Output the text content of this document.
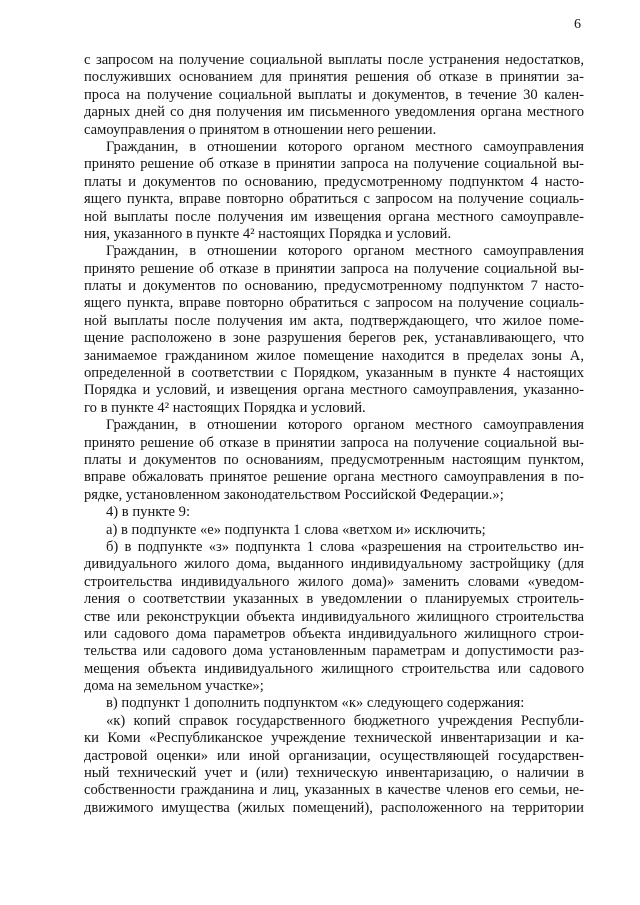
6
с запросом на получение социальной выплаты после устранения недостатков,
послуживших основанием для принятия решения об отказе в принятии за-
проса на получение социальной выплаты и документов, в течение 30 кален-
дарных дней со дня получения им письменного уведомления органа местного
самоуправления о принятом в отношении него решении.
Гражданин, в отношении которого органом местного самоуправления
принято решение об отказе в принятии запроса на получение социальной вы-
платы и документов по основанию, предусмотренному подпунктом 4 насто-
ящего пункта, вправе повторно обратиться с запросом на получение социаль-
ной выплаты после получения им извещения органа местного самоуправле-
ния, указанного в пункте 4² настоящих Порядка и условий.
Гражданин, в отношении которого органом местного самоуправления
принято решение об отказе в принятии запроса на получение социальной вы-
платы и документов по основанию, предусмотренному подпунктом 7 насто-
ящего пункта, вправе повторно обратиться с запросом на получение социаль-
ной выплаты после получения им акта, подтверждающего, что жилое поме-
щение расположено в зоне разрушения берегов рек, устанавливающего, что
занимаемое гражданином жилое помещение находится в пределах зоны А,
определенной в соответствии с Порядком, указанным в пункте 4 настоящих
Порядка и условий, и извещения органа местного самоуправления, указанно-
го в пункте 4² настоящих Порядка и условий.
Гражданин, в отношении которого органом местного самоуправления
принято решение об отказе в принятии запроса на получение социальной вы-
платы и документов по основаниям, предусмотренным настоящим пунктом,
вправе обжаловать принятое решение органа местного самоуправления в по-
рядке, установленном законодательством Российской Федерации.»;
4) в пункте 9:
а) в подпункте «е» подпункта 1 слова «ветхом и» исключить;
б) в подпункте «з» подпункта 1 слова «разрешения на строительство ин-
дивидуального жилого дома, выданного индивидуальному застройщику (для
строительства индивидуального жилого дома)» заменить словами «уведом-
ления о соответствии указанных в уведомлении о планируемых строитель-
стве или реконструкции объекта индивидуального жилищного строительства
или садового дома параметров объекта индивидуального жилищного строи-
тельства или садового дома установленным параметрам и допустимости раз-
мещения объекта индивидуального жилищного строительства или садового
дома на земельном участке»;
в) подпункт 1 дополнить подпунктом «к» следующего содержания:
«к) копий справок государственного бюджетного учреждения Республи-
ки Коми «Республиканское учреждение технической инвентаризации и ка-
дастровой оценки» или иной организации, осуществляющей государствен-
ный технический учет и (или) техническую инвентаризацию, о наличии в
собственности гражданина и лиц, указанных в качестве членов его семьи, не-
движимого имущества (жилых помещений), расположенного на территории
